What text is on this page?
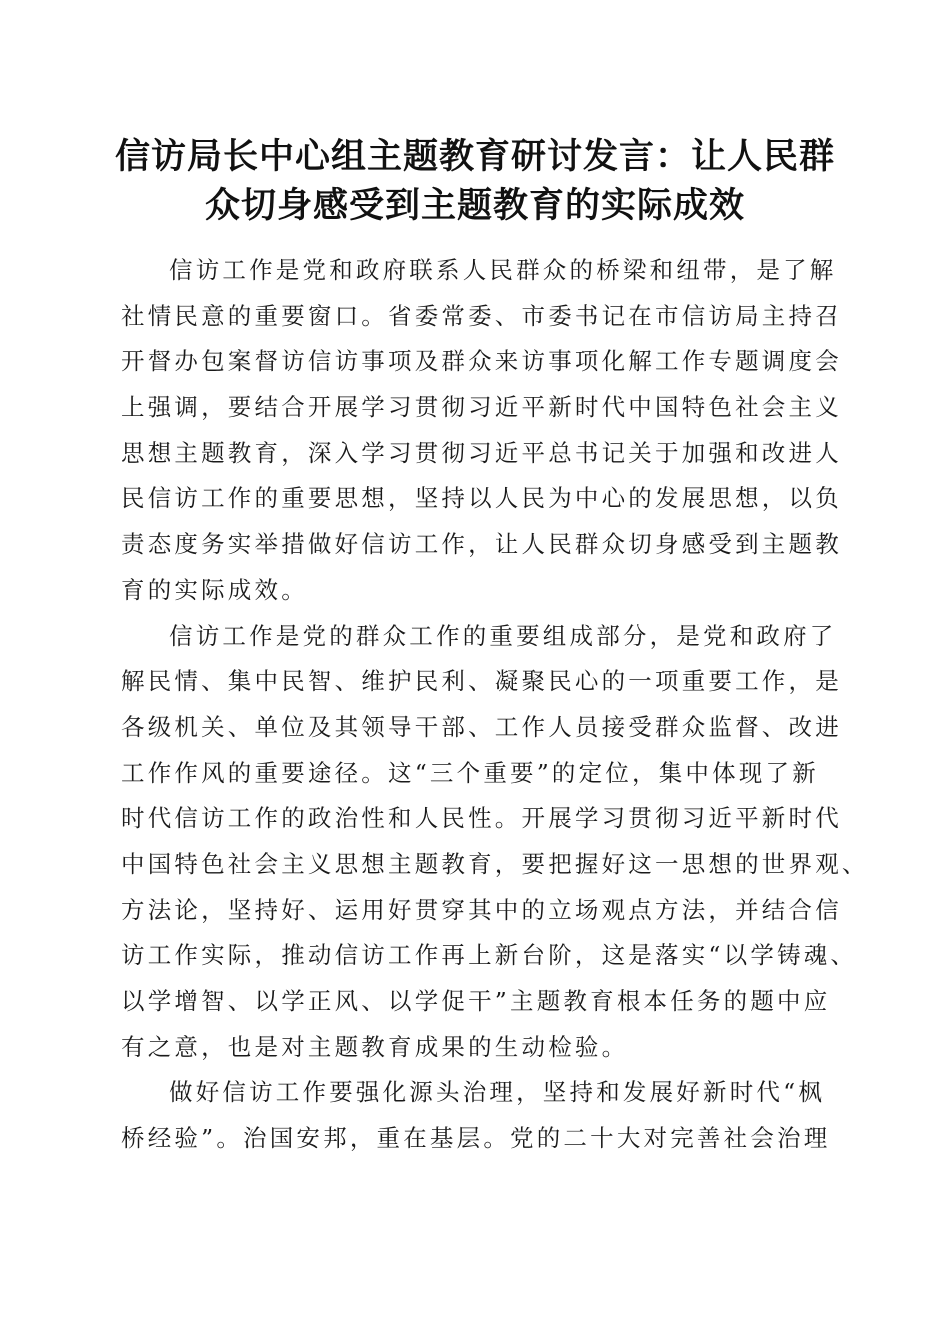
信访局长中心组主题教育研讨发言：让人民群
众切身感受到主题教育的实际成效

信访工作是党和政府联系人民群众的桥梁和纽带，是了解
社情民意的重要窗口。省委常委、市委书记在市信访局主持召
开督办包案督访信访事项及群众来访事项化解工作专题调度会
上强调，要结合开展学习贯彻习近平新时代中国特色社会主义
思想主题教育，深入学习贯彻习近平总书记关于加强和改进人
民信访工作的重要思想，坚持以人民为中心的发展思想，以负
责态度务实举措做好信访工作，让人民群众切身感受到主题教
育的实际成效。

信访工作是党的群众工作的重要组成部分，是党和政府了
解民情、集中民智、维护民利、凝聚民心的一项重要工作，是
各级机关、单位及其领导干部、工作人员接受群众监督、改进
工作作风的重要途径。这“三个重要”的定位，集中体现了新
时代信访工作的政治性和人民性。开展学习贯彻习近平新时代
中国特色社会主义思想主题教育，要把握好这一思想的世界观、
方法论，坚持好、运用好贯穿其中的立场观点方法，并结合信
访工作实际，推动信访工作再上新台阶，这是落实“以学铸魂、
以学增智、以学正风、以学促干”主题教育根本任务的题中应
有之意，也是对主题教育成果的生动检验。

做好信访工作要强化源头治理，坚持和发展好新时代“枫
桥经验”。治国安邦，重在基层。党的二十大对完善社会治理
